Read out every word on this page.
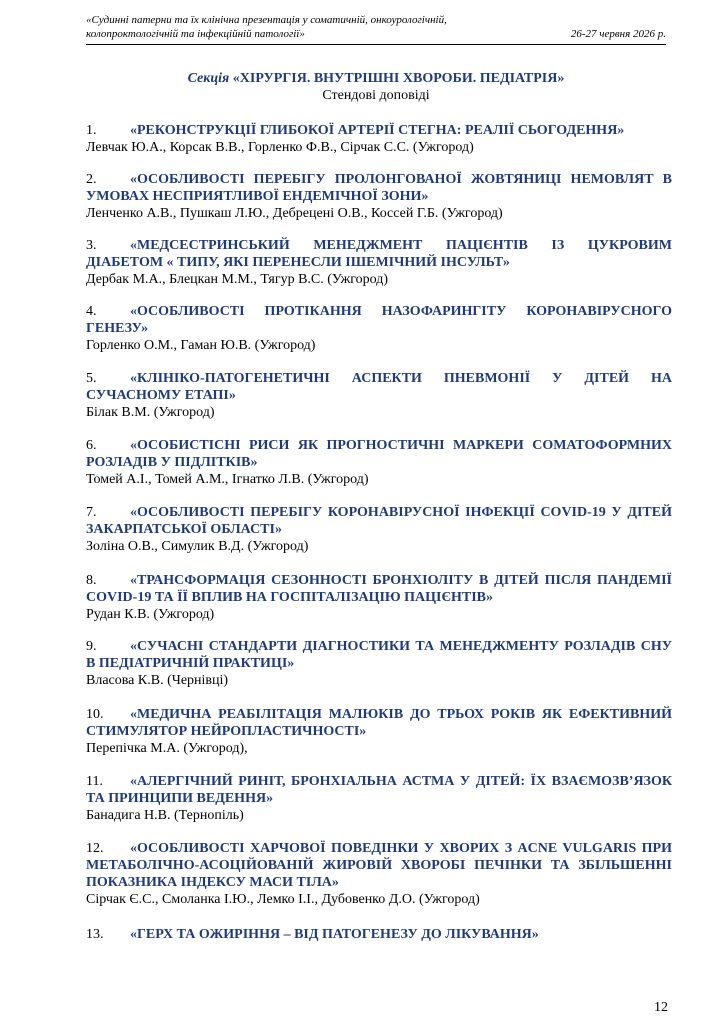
«Судинні патерни та їх клінічна презентація у соматичній, онкоурологічній,
колопроктологічній та інфекційній патології»	26-27 червня 2026 р.
Секція «ХІРУРГІЯ. ВНУТРІШНІ ХВОРОБИ. ПЕДІАТРІЯ»
Стендові доповіді

1. «РЕКОНСТРУКЦІЇ ГЛИБОКОЇ АРТЕРІЇ СТЕГНА: РЕАЛІЇ СЬОГОДЕННЯ»

Левчак Ю.А., Корсак В.В., Горленко Ф.В., Сірчак С.С. (Ужгород)

2. «ОСОБЛИВОСТІ ПЕРЕБІГУ ПРОЛОНГОВАНОЇ ЖОВТЯНИЦІ НЕМОВЛЯТ В УМОВАХ НЕСПРИЯТЛИВОЇ ЕНДЕМІЧНОЇ ЗОНИ»

Ленченко А.В., Пушкаш Л.Ю., Дебрецені О.В., Коссей Г.Б. (Ужгород)

3. «МЕДСЕСТРИНСЬКИЙ МЕНЕДЖМЕНТ ПАЦІЄНТІВ ІЗ ЦУКРОВИМ ДІАБЕТОМ « ТИПУ, ЯКІ ПЕРЕНЕСЛИ ІШЕМІЧНИЙ ІНСУЛЬТ»

Дербак М.А., Блецкан М.М., Тягур В.С. (Ужгород)

4. «ОСОБЛИВОСТІ ПРОТІКАННЯ НАЗОФАРИНГІТУ КОРОНАВІРУСНОГО ГЕНЕЗУ»

Горленко О.М., Гаман Ю.В. (Ужгород)

5. «КЛІНІКО-ПАТОГЕНЕТИЧНІ АСПЕКТИ ПНЕВМОНІЇ У ДІТЕЙ НА СУЧАСНОМУ ЕТАПІ»

Білак В.М. (Ужгород)

6. «ОСОБИСТІСНІ РИСИ ЯК ПРОГНОСТИЧНІ МАРКЕРИ СОМАТОФОРМНИХ РОЗЛАДІВ У ПІДЛІТКІВ»

Томей А.І., Томей А.М., Ігнатко Л.В. (Ужгород)

7. «ОСОБЛИВОСТІ ПЕРЕБІГУ КОРОНАВІРУСНОЇ ІНФЕКЦІЇ COVID-19 У ДІТЕЙ ЗАКАРПАТСЬКОЇ ОБЛАСТІ»

Золіна О.В., Симулик В.Д. (Ужгород)

8. «ТРАНСФОРМАЦІЯ СЕЗОННОСТІ БРОНХІОЛІТУ В ДІТЕЙ ПІСЛЯ ПАНДЕМІЇ COVID-19 ТА ЇЇ ВПЛИВ НА ГОСПІТАЛІЗАЦІЮ ПАЦІЄНТІВ»

Рудан К.В. (Ужгород)

9. «СУЧАСНІ СТАНДАРТИ ДІАГНОСТИКИ ТА МЕНЕДЖМЕНТУ РОЗЛАДІВ СНУ В ПЕДІАТРИЧНІЙ ПРАКТИЦІ»

Власова К.В. (Чернівці)

10. «МЕДИЧНА РЕАБІЛІТАЦІЯ МАЛЮКІВ ДО ТРЬОХ РОКІВ ЯК ЕФЕКТИВНИЙ СТИМУЛЯТОР НЕЙРОПЛАСТИЧНОСТІ»

Перепічка М.А. (Ужгород),

11. «АЛЕРГІЧНИЙ РИНІТ, БРОНХІАЛЬНА АСТМА У ДІТЕЙ: ЇХ ВЗАЄМОЗВ’ЯЗОК ТА ПРИНЦИПИ ВЕДЕННЯ»

Банадига Н.В. (Тернопіль)

12. «ОСОБЛИВОСТІ ХАРЧОВОЇ ПОВЕДІНКИ У ХВОРИХ З ACNE VULGARIS ПРИ МЕТАБОЛІЧНО-АСОЦІЙОВАНІЙ ЖИРОВІЙ ХВОРОБІ ПЕЧІНКИ ТА ЗБІЛЬШЕННІ ПОКАЗНИКА ІНДЕКСУ МАСИ ТІЛА»

Сірчак Є.С., Смоланка І.Ю., Лемко І.І., Дубовенко Д.О. (Ужгород)

13. «ГЕРХ ТА ОЖИРІННЯ – ВІД ПАТОГЕНЕЗУ ДО ЛІКУВАННЯ»

12
